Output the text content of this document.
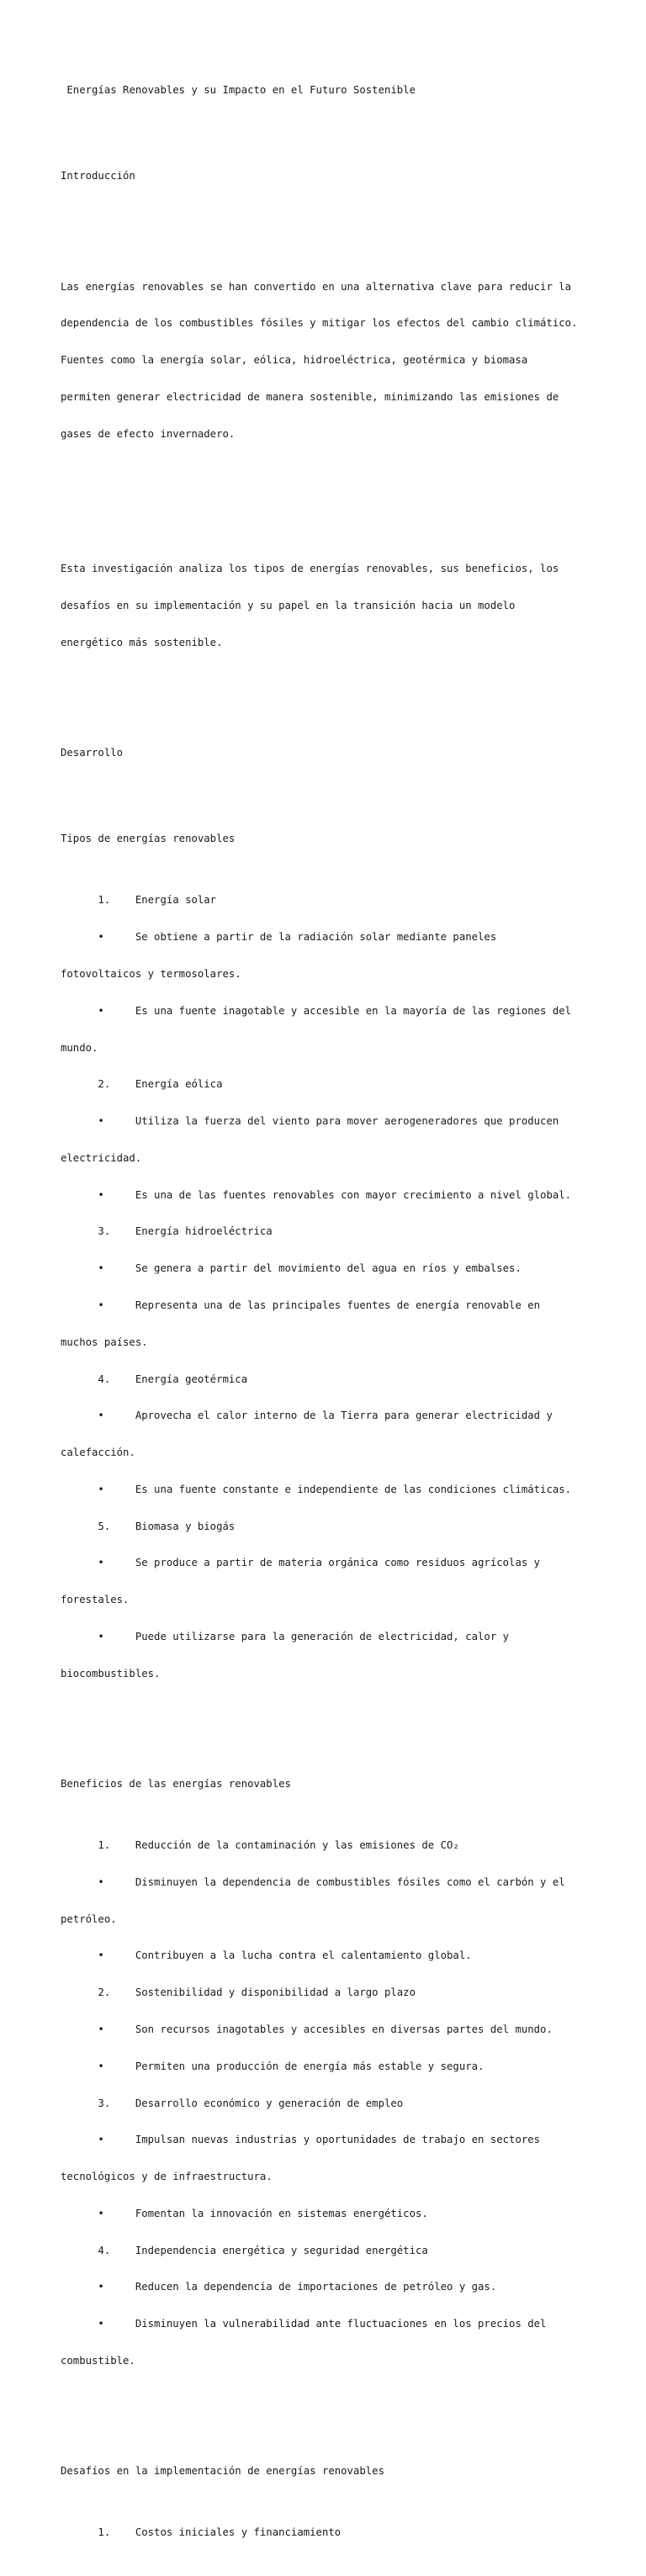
Energías Renovables y su Impacto en el Futuro Sostenible

Introducción

Las energías renovables se han convertido en una alternativa clave para reducir la

dependencia de los combustibles fósiles y mitigar los efectos del cambio climático.

Fuentes como la energía solar, eólica, hidroeléctrica, geotérmica y biomasa

permiten generar electricidad de manera sostenible, minimizando las emisiones de

gases de efecto invernadero.

Esta investigación analiza los tipos de energías renovables, sus beneficios, los

desafíos en su implementación y su papel en la transición hacia un modelo

energético más sostenible.

Desarrollo

Tipos de energías renovables

1.    Energía solar

•     Se obtiene a partir de la radiación solar mediante paneles

fotovoltaicos y termosolares.

•     Es una fuente inagotable y accesible en la mayoría de las regiones del

mundo.

2.    Energía eólica

•     Utiliza la fuerza del viento para mover aerogeneradores que producen

electricidad.

•     Es una de las fuentes renovables con mayor crecimiento a nivel global.

3.    Energía hidroeléctrica

•     Se genera a partir del movimiento del agua en ríos y embalses.

•     Representa una de las principales fuentes de energía renovable en

muchos países.

4.    Energía geotérmica

•     Aprovecha el calor interno de la Tierra para generar electricidad y

calefacción.

•     Es una fuente constante e independiente de las condiciones climáticas.

5.    Biomasa y biogás

•     Se produce a partir de materia orgánica como residuos agrícolas y

forestales.

•     Puede utilizarse para la generación de electricidad, calor y

biocombustibles.

Beneficios de las energías renovables

1.    Reducción de la contaminación y las emisiones de CO₂

•     Disminuyen la dependencia de combustibles fósiles como el carbón y el

petróleo.

•     Contribuyen a la lucha contra el calentamiento global.

2.    Sostenibilidad y disponibilidad a largo plazo

•     Son recursos inagotables y accesibles en diversas partes del mundo.

•     Permiten una producción de energía más estable y segura.

3.    Desarrollo económico y generación de empleo

•     Impulsan nuevas industrias y oportunidades de trabajo en sectores

tecnológicos y de infraestructura.

•     Fomentan la innovación en sistemas energéticos.

4.    Independencia energética y seguridad energética

•     Reducen la dependencia de importaciones de petróleo y gas.

•     Disminuyen la vulnerabilidad ante fluctuaciones en los precios del

combustible.

Desafíos en la implementación de energías renovables

1.    Costos iniciales y financiamiento
